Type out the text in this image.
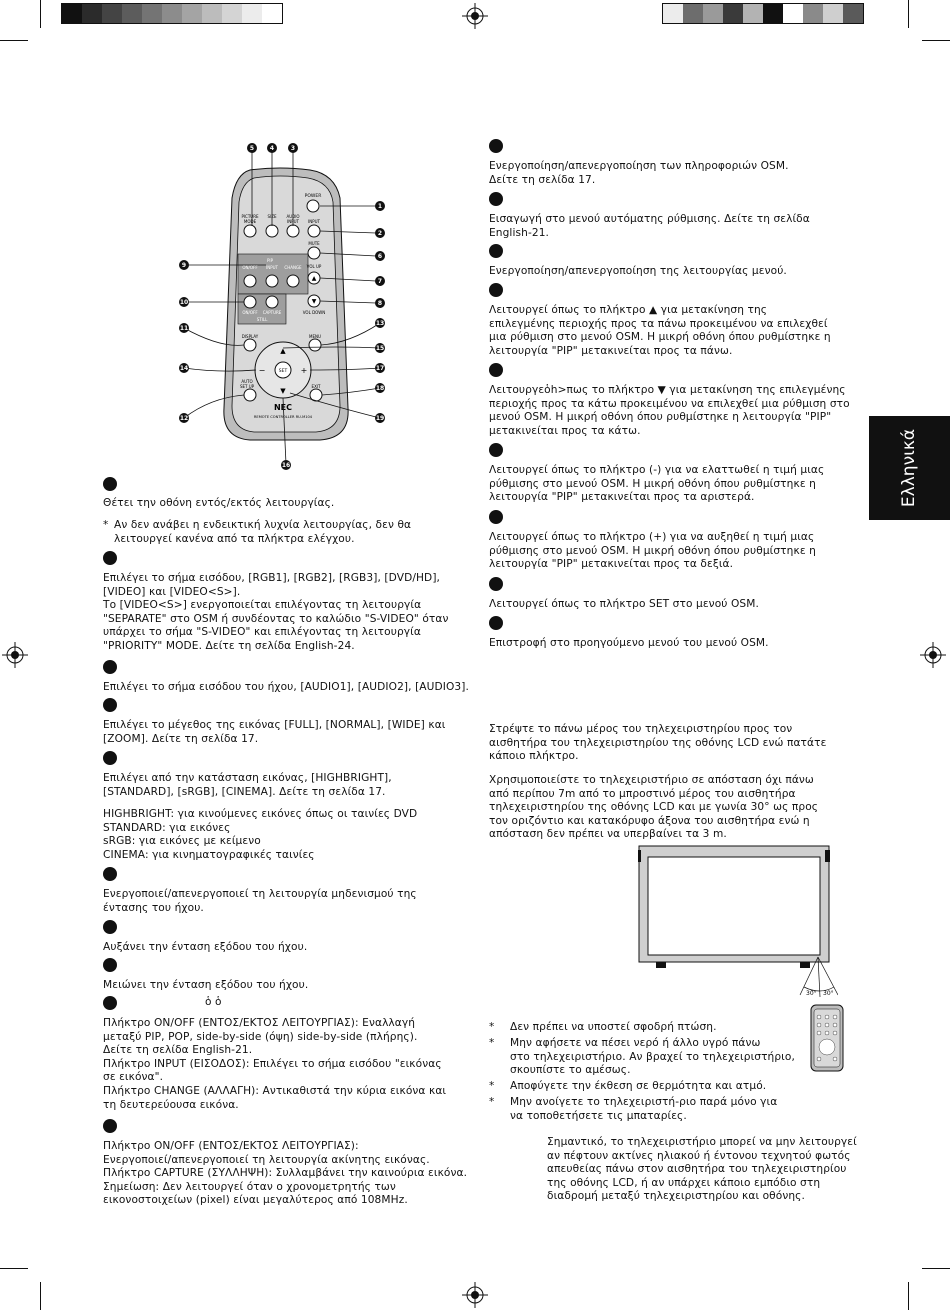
Ελληνικά
POWER
PICTURE
MODE
SIZE AUDIO
INPUT INPUT
MUTE
PIP
ON/OFF INPUT CHANGE VOL UP
▲
▼
VOL DOWN
ON/OFF CAPTURE
STILL
DISPLAY	MENU
SET
▲
▼
−	+
AUTO
SET UP	EXIT
NEC
REMOTE CONTROLLER RU-M104
5	4	3
1
2
6
7
8
9
10
11
14
12
13
15
17
18
19
16

Θέτει την οθόνη εντός/εκτός λειτουργίας.

* Αν δεν ανάβει η ενδεικτική λυχνία λειτουργίας, δεν θα
λειτουργεί κανένα από τα πλήκτρα ελέγχου.

Επιλέγει το σήμα εισόδου, [RGB1], [RGB2], [RGB3], [DVD/HD],
[VIDEO] και [VIDEO<S>].
Το [VIDEO<S>] ενεργοποιείται επιλέγοντας τη λειτουργία
"SEPARATE" στο OSM ή συνδέοντας το καλώδιο "S-VIDEO" όταν
υπάρχει το σήμα "S-VIDEO" και επιλέγοντας τη λειτουργία
"PRIORITY" MODE. Δείτε τη σελίδα English-24.

Επιλέγει το σήμα εισόδου του ήχου, [AUDIO1], [AUDIO2], [AUDIO3].

Επιλέγει το μέγεθος της εικόνας [FULL], [NORMAL], [WIDE] και
[ZOOM]. Δείτε τη σελίδα 17.

Επιλέγει από την κατάσταση εικόνας, [HIGHBRIGHT],
[STANDARD], [sRGB], [CINEMA]. Δείτε τη σελίδα 17.

HIGHBRIGHT: για κινούμενες εικόνες όπως οι ταινίες DVD
STANDARD: για εικόνες
sRGB: για εικόνες με κείμενο
CINEMA: για κινηματογραφικές ταινίες

Ενεργοποιεί/απενεργοποιεί τη λειτουργία μηδενισμού της
έντασης του ήχου.

Αυξάνει την ένταση εξόδου του ήχου.

Μειώνει την ένταση εξόδου του ήχου.

ὁ ὁ

Πλήκτρο ON/OFF (ΕΝΤΟΣ/ΕΚΤΟΣ ΛΕΙΤΟΥΡΓΙΑΣ): Εναλλαγή
μεταξύ PIP, POP, side-by-side (όψη) side-by-side (πλήρης).
Δείτε τη σελίδα English-21.
Πλήκτρο INPUT (ΕΙΣΟΔΟΣ): Επιλέγει το σήμα εισόδου "εικόνας
σε εικόνα".
Πλήκτρο CHANGE (ΑΛΛΑΓΗ): Αντικαθιστά την κύρια εικόνα και
τη δευτερεύουσα εικόνα.

Πλήκτρο ON/OFF (ΕΝΤΟΣ/ΕΚΤΟΣ ΛΕΙΤΟΥΡΓΙΑΣ):
Ενεργοποιεί/απενεργοποιεί τη λειτουργία ακίνητης εικόνας.
Πλήκτρο CAPTURE (ΣΥΛΛΗΨΗ): Συλλαμβάνει την καινούρια εικόνα.
Σημείωση: Δεν λειτουργεί όταν ο χρονομετρητής των
εικονοστοιχείων (pixel) είναι μεγαλύτερος από 108MHz.

Ενεργοποίηση/απενεργοποίηση των πληροφοριών OSM.
Δείτε τη σελίδα 17.

Εισαγωγή στο μενού αυτόματης ρύθμισης. Δείτε τη σελίδα
English-21.

Ενεργοποίηση/απενεργοποίηση της λειτουργίας μενού.

Λειτουργεί όπως το πλήκτρο ▲ για μετακίνηση της
επιλεγμένης περιοχής προς τα πάνω προκειμένου να επιλεχθεί
μια ρύθμιση στο μενού OSM. Η μικρή οθόνη όπου ρυθμίστηκε η
λειτουργία "PIP" μετακινείται προς τα πάνω.

Λειτουργεὁh>πως το πλήκτρο ▼ για μετακίνηση της επιλεγμένης
περιοχής προς τα κάτω προκειμένου να επιλεχθεί μια ρύθμιση στο
μενού OSM. Η μικρή οθόνη όπου ρυθμίστηκε η λειτουργία "PIP"
μετακινείται προς τα κάτω.

Λειτουργεί όπως το πλήκτρο (-) για να ελαττωθεί η τιμή μιας
ρύθμισης στο μενού OSM. Η μικρή οθόνη όπου ρυθμίστηκε η
λειτουργία "PIP" μετακινείται προς τα αριστερά.

Λειτουργεί όπως το πλήκτρο (+) για να αυξηθεί η τιμή μιας
ρύθμισης στο μενού OSM. Η μικρή οθόνη όπου ρυθμίστηκε η
λειτουργία "PIP" μετακινείται προς τα δεξιά.

Λειτουργεί όπως το πλήκτρο SET στο μενού OSM.

Επιστροφή στο προηγούμενο μενού του μενού OSM.

Στρέψτε το πάνω μέρος του τηλεχειριστηρίου προς τον
αισθητήρα του τηλεχειριστηρίου της οθόνης LCD ενώ πατάτε
κάποιο πλήκτρο.

Χρησιμοποιείστε το τηλεχειριστήριο σε απόσταση όχι πάνω
από περίπου 7m από το μπροστινό μέρος του αισθητήρα
τηλεχειριστηρίου της οθόνης LCD και με γωνία 30° ως προς
τον οριζόντιο και κατακόρυφο άξονα του αισθητήρα ενώ η
απόσταση δεν πρέπει να υπερβαίνει τα 3 m.

30° 30°
* Δεν πρέπει να υποστεί σφοδρή πτώση.

* Μην αφήσετε να πέσει νερό ή άλλο υγρό πάνω
στο τηλεχειριστήριο. Αν βραχεί το τηλεχειριστήριο,
σκουπίστε το αμέσως.

* Αποφύγετε την έκθεση σε θερμότητα και ατμό.

* Μην ανοίγετε το τηλεχειριστή-ριο παρά μόνο για
να τοποθετήσετε τις μπαταρίες.

Σημαντικό, το τηλεχειριστήριο μπορεί να μην λειτουργεί
αν πέφτουν ακτίνες ηλιακού ή έντονου τεχνητού φωτός
απευθείας πάνω στον αισθητήρα του τηλεχειριστηρίου
της οθόνης LCD, ή αν υπάρχει κάποιο εμπόδιο στη
διαδρομή μεταξύ τηλεχειριστηρίου και οθόνης.
